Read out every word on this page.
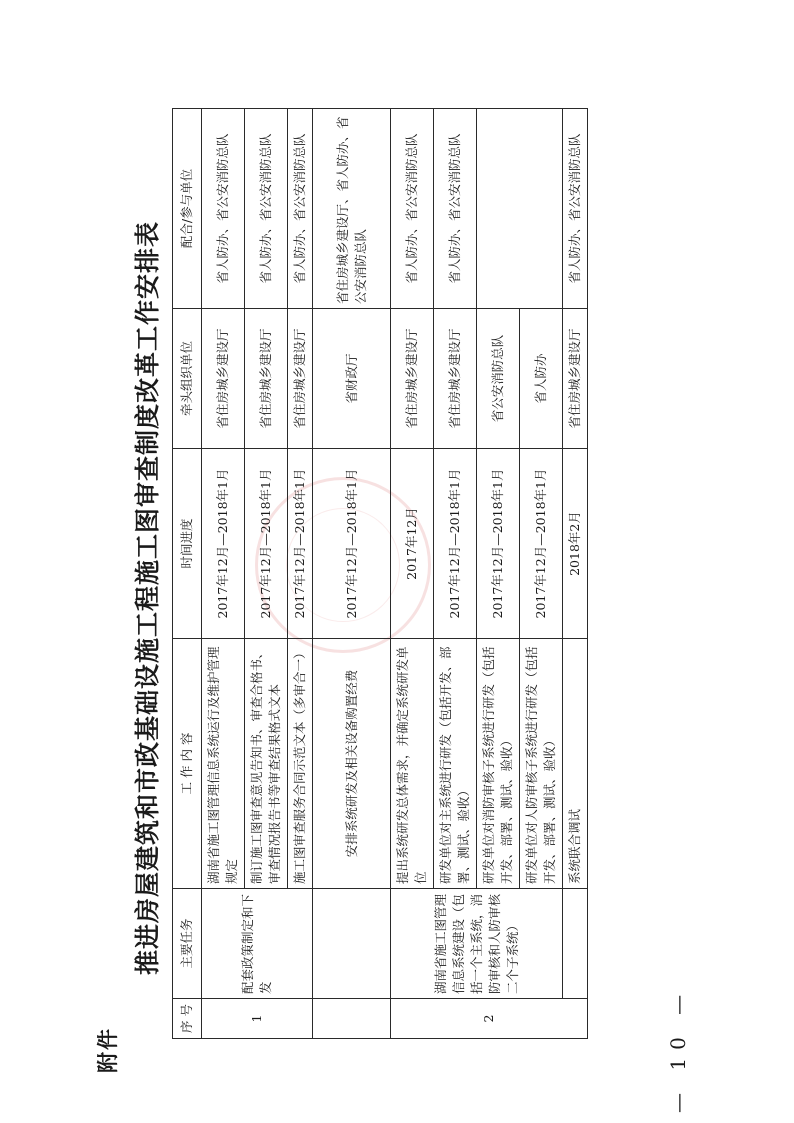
附件	— 10 —
推进房屋建筑和市政基础设施工程施工图审查制度改革工作安排表
序 号	主要任务	工 作 内 容	时间进度	牵头组织单位	配合/参与单位
1	配套政策制定和下发	湖南省施工图管理信息系统运行及维护管理规定	2017年12月—2018年1月	省住房城乡建设厅	省人防办、省公安消防总队
		制订施工图审查意见告知书、审查合格书、审查情况报告书等审查结果格式文本	2017年12月—2018年1月	省住房城乡建设厅	省人防办、省公安消防总队
		施工图审查服务合同示范文本（多审合一）	2017年12月—2018年1月	省住房城乡建设厅	省人防办、省公安消防总队
		安排系统研发及相关设备购置经费	2017年12月—2018年1月	省财政厅	省住房城乡建设厅、省人防办、省公安消防总队
2	湖南省施工图管理信息系统建设（包括一个主系统，消防审核和人防审核二个子系统）	提出系统研发总体需求，并确定系统研发单位	2017年12月	省住房城乡建设厅	省人防办、省公安消防总队
		研发单位对主系统进行研发（包括开发、部署、测试、验收）	2017年12月—2018年1月	省住房城乡建设厅	省人防办、省公安消防总队
		研发单位对消防审核子系统进行研发（包括开发、部署、测试、验收）	2017年12月—2018年1月	省公安消防总队	
		研发单位对人防审核子系统进行研发（包括开发、部署、测试、验收）	2017年12月—2018年1月	省人防办	
		系统联合调试	2018年2月	省住房城乡建设厅	省人防办、省公安消防总队
